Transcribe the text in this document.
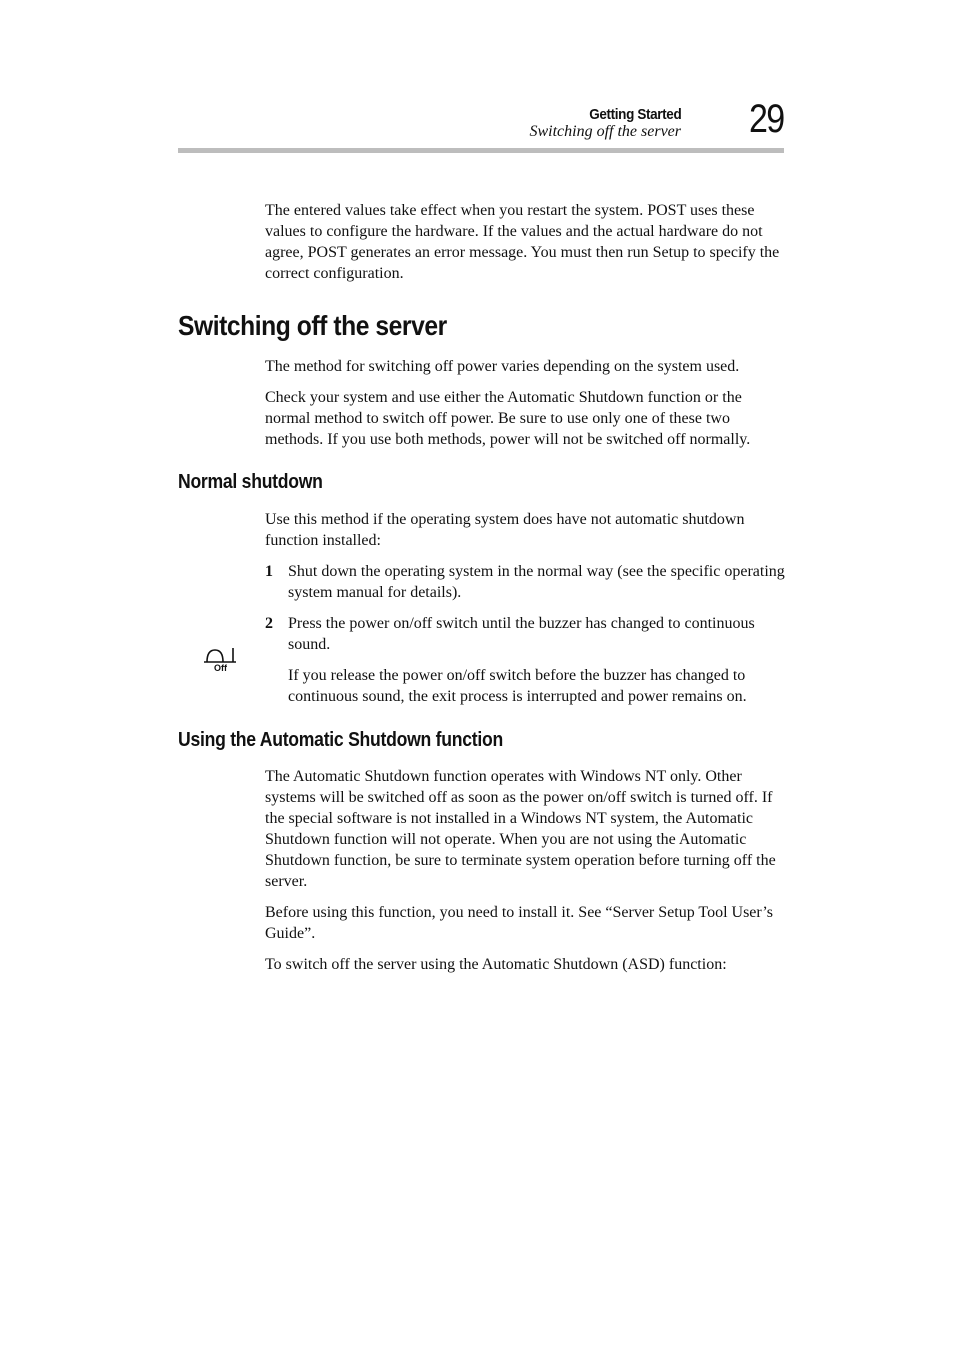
Getting Started
Switching off the server 29

The entered values take effect when you restart the system. POST uses these values to configure the hardware. If the values and the actual hardware do not agree, POST generates an error message. You must then run Setup to specify the correct configuration.

Switching off the server

The method for switching off power varies depending on the system used.

Check your system and use either the Automatic Shutdown function or the normal method to switch off power. Be sure to use only one of these two methods. If you use both methods, power will not be switched off normally.

Normal shutdown

Use this method if the operating system does have not automatic shutdown function installed:

1 Shut down the operating system in the normal way (see the specific operating system manual for details).
2 Press the power on/off switch until the buzzer has changed to continuous sound.
Off	If you release the power on/off switch before the buzzer has changed to continuous sound, the exit process is interrupted and power remains on.

Using the Automatic Shutdown function

The Automatic Shutdown function operates with Windows NT only. Other systems will be switched off as soon as the power on/off switch is turned off. If the special software is not installed in a Windows NT system, the Automatic Shutdown function will not operate. When you are not using the Automatic Shutdown function, be sure to terminate system operation before turning off the server.

Before using this function, you need to install it. See “Server Setup Tool User’s Guide”.

To switch off the server using the Automatic Shutdown (ASD) function:
